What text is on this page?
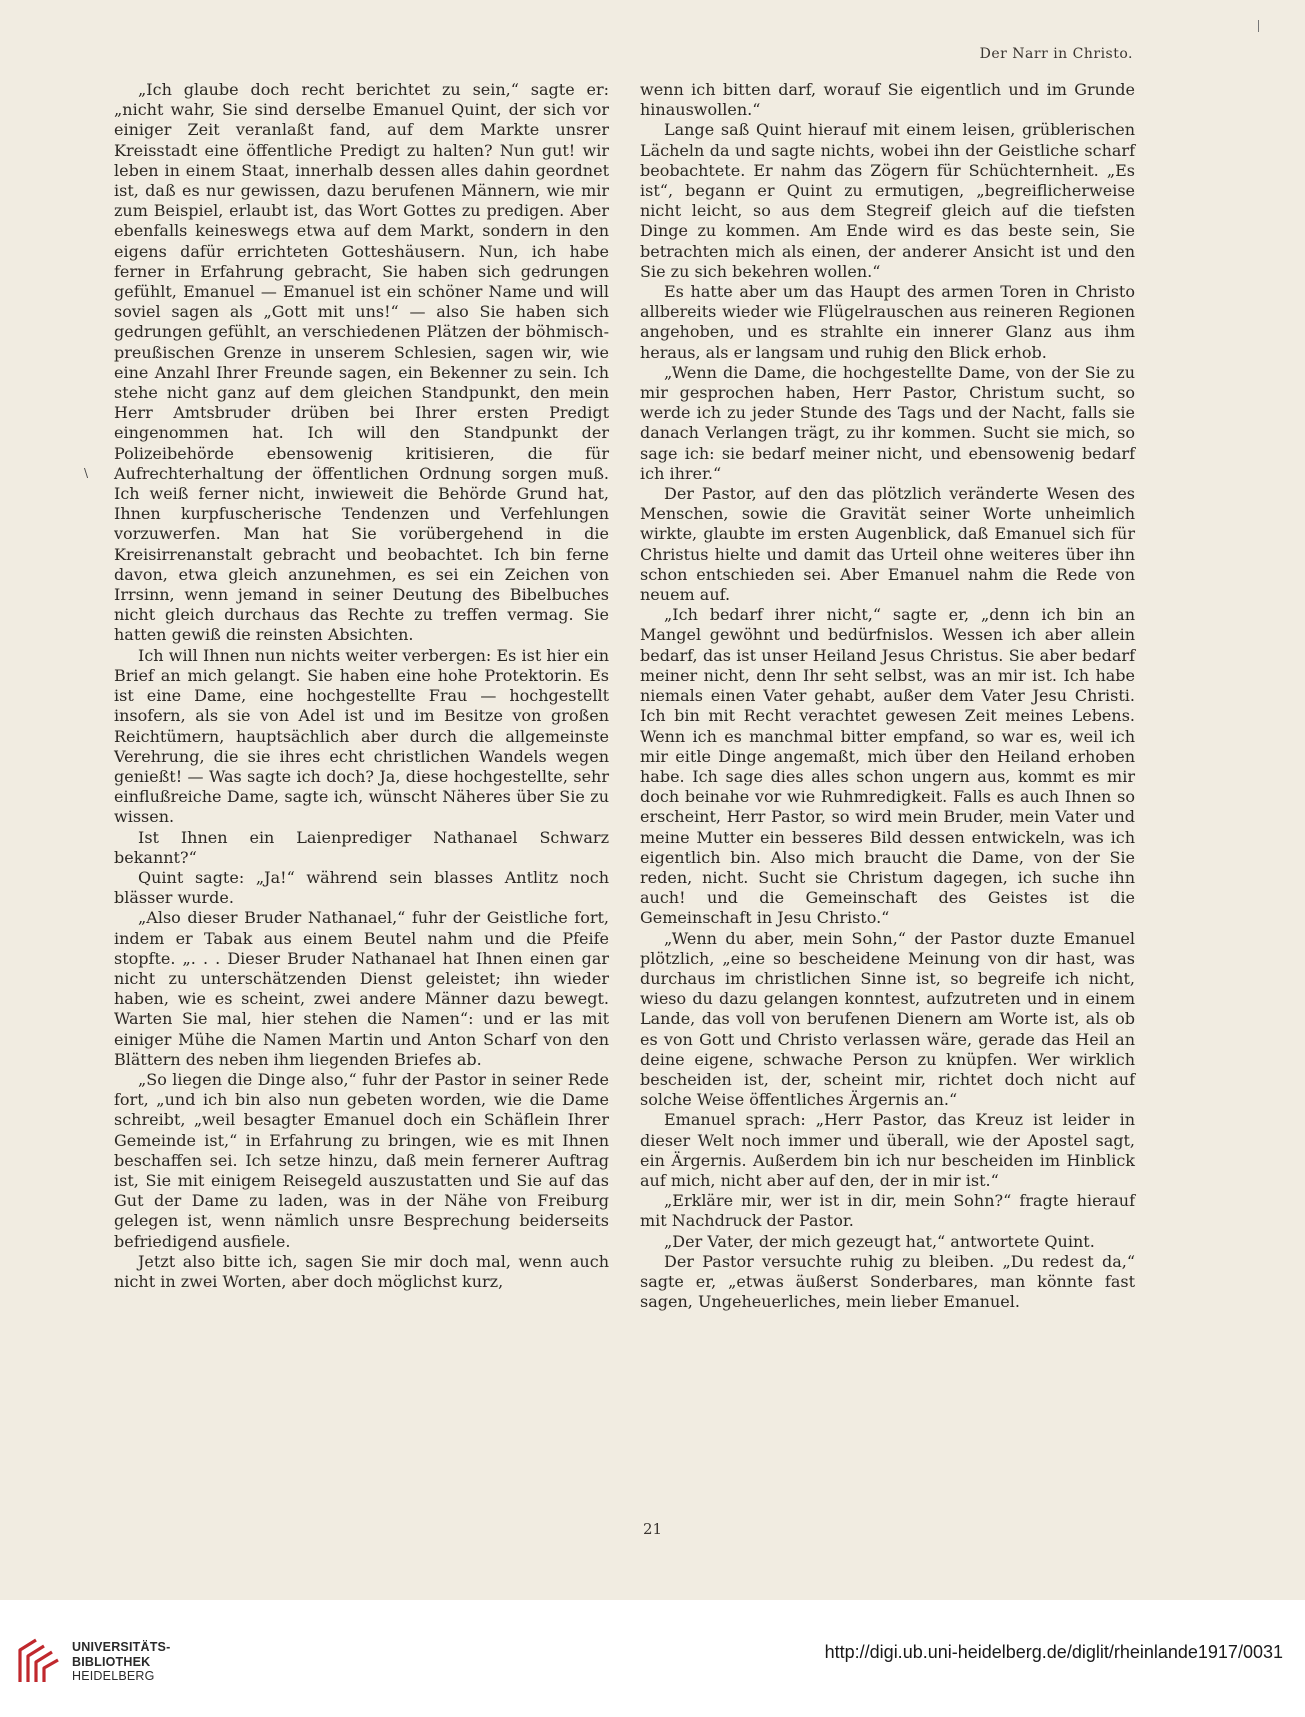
Der Narr in Christo.
\

„Ich glaube doch recht berichtet zu sein,“ sagte er: „nicht wahr, Sie sind derselbe Emanuel Quint, der sich vor einiger Zeit veranlaßt fand, auf dem Markte unsrer Kreisstadt eine öffentliche Predigt zu halten? Nun gut! wir leben in einem Staat, innerhalb dessen alles dahin geordnet ist, daß es nur gewissen, dazu berufenen Männern, wie mir zum Beispiel, erlaubt ist, das Wort Gottes zu predigen. Aber ebenfalls keineswegs etwa auf dem Markt, sondern in den eigens dafür errichteten Gotteshäusern. Nun, ich habe ferner in Erfahrung gebracht, Sie haben sich gedrungen gefühlt, Emanuel — Emanuel ist ein schöner Name und will soviel sagen als „Gott mit uns!“ — also Sie haben sich gedrungen gefühlt, an verschiedenen Plätzen der böhmisch-preußischen Grenze in unserem Schlesien, sagen wir, wie eine Anzahl Ihrer Freunde sagen, ein Bekenner zu sein. Ich stehe nicht ganz auf dem gleichen Standpunkt, den mein Herr Amtsbruder drüben bei Ihrer ersten Predigt eingenommen hat. Ich will den Standpunkt der Polizeibehörde ebensowenig kritisieren, die für Aufrechterhaltung der öffentlichen Ordnung sorgen muß. Ich weiß ferner nicht, inwieweit die Behörde Grund hat, Ihnen kurpfuscherische Tendenzen und Verfehlungen vorzuwerfen. Man hat Sie vorübergehend in die Kreisirrenanstalt gebracht und beobachtet. Ich bin ferne davon, etwa gleich anzunehmen, es sei ein Zeichen von Irrsinn, wenn jemand in seiner Deutung des Bibelbuches nicht gleich durchaus das Rechte zu treffen vermag. Sie hatten gewiß die reinsten Absichten.

Ich will Ihnen nun nichts weiter verbergen: Es ist hier ein Brief an mich gelangt. Sie haben eine hohe Protektorin. Es ist eine Dame, eine hochgestellte Frau — hochgestellt insofern, als sie von Adel ist und im Besitze von großen Reichtümern, hauptsächlich aber durch die allgemeinste Verehrung, die sie ihres echt christlichen Wandels wegen genießt! — Was sagte ich doch? Ja, diese hochgestellte, sehr einflußreiche Dame, sagte ich, wünscht Näheres über Sie zu wissen.

Ist Ihnen ein Laienprediger Nathanael Schwarz bekannt?“

Quint sagte: „Ja!“ während sein blasses Antlitz noch blässer wurde.

„Also dieser Bruder Nathanael,“ fuhr der Geistliche fort, indem er Tabak aus einem Beutel nahm und die Pfeife stopfte. „. . . Dieser Bruder Nathanael hat Ihnen einen gar nicht zu unterschätzenden Dienst geleistet; ihn wieder haben, wie es scheint, zwei andere Männer dazu bewegt. Warten Sie mal, hier stehen die Namen“: und er las mit einiger Mühe die Namen Martin und Anton Scharf von den Blättern des neben ihm liegenden Briefes ab.

„So liegen die Dinge also,“ fuhr der Pastor in seiner Rede fort, „und ich bin also nun gebeten worden, wie die Dame schreibt, „weil besagter Emanuel doch ein Schäflein Ihrer Gemeinde ist,“ in Erfahrung zu bringen, wie es mit Ihnen beschaffen sei. Ich setze hinzu, daß mein fernerer Auftrag ist, Sie mit einigem Reisegeld auszustatten und Sie auf das Gut der Dame zu laden, was in der Nähe von Freiburg gelegen ist, wenn nämlich unsre Besprechung beiderseits befriedigend ausfiele.

Jetzt also bitte ich, sagen Sie mir doch mal, wenn auch nicht in zwei Worten, aber doch möglichst kurz,

wenn ich bitten darf, worauf Sie eigentlich und im Grunde hinauswollen.“

Lange saß Quint hierauf mit einem leisen, grüblerischen Lächeln da und sagte nichts, wobei ihn der Geistliche scharf beobachtete. Er nahm das Zögern für Schüchternheit. „Es ist“, begann er Quint zu ermutigen, „begreiflicherweise nicht leicht, so aus dem Stegreif gleich auf die tiefsten Dinge zu kommen. Am Ende wird es das beste sein, Sie betrachten mich als einen, der anderer Ansicht ist und den Sie zu sich bekehren wollen.“

Es hatte aber um das Haupt des armen Toren in Christo allbereits wieder wie Flügelrauschen aus reineren Regionen angehoben, und es strahlte ein innerer Glanz aus ihm heraus, als er langsam und ruhig den Blick erhob.

„Wenn die Dame, die hochgestellte Dame, von der Sie zu mir gesprochen haben, Herr Pastor, Christum sucht, so werde ich zu jeder Stunde des Tags und der Nacht, falls sie danach Verlangen trägt, zu ihr kommen. Sucht sie mich, so sage ich: sie bedarf meiner nicht, und ebensowenig bedarf ich ihrer.“

Der Pastor, auf den das plötzlich veränderte Wesen des Menschen, sowie die Gravität seiner Worte unheimlich wirkte, glaubte im ersten Augenblick, daß Emanuel sich für Christus hielte und damit das Urteil ohne weiteres über ihn schon entschieden sei. Aber Emanuel nahm die Rede von neuem auf.

„Ich bedarf ihrer nicht,“ sagte er, „denn ich bin an Mangel gewöhnt und bedürfnislos. Wessen ich aber allein bedarf, das ist unser Heiland Jesus Christus. Sie aber bedarf meiner nicht, denn Ihr seht selbst, was an mir ist. Ich habe niemals einen Vater gehabt, außer dem Vater Jesu Christi. Ich bin mit Recht verachtet gewesen Zeit meines Lebens. Wenn ich es manchmal bitter empfand, so war es, weil ich mir eitle Dinge angemaßt, mich über den Heiland erhoben habe. Ich sage dies alles schon ungern aus, kommt es mir doch beinahe vor wie Ruhmredigkeit. Falls es auch Ihnen so erscheint, Herr Pastor, so wird mein Bruder, mein Vater und meine Mutter ein besseres Bild dessen entwickeln, was ich eigentlich bin. Also mich braucht die Dame, von der Sie reden, nicht. Sucht sie Christum dagegen, ich suche ihn auch! und die Gemeinschaft des Geistes ist die Gemeinschaft in Jesu Christo.“

„Wenn du aber, mein Sohn,“ der Pastor duzte Emanuel plötzlich, „eine so bescheidene Meinung von dir hast, was durchaus im christlichen Sinne ist, so begreife ich nicht, wieso du dazu gelangen konntest, aufzutreten und in einem Lande, das voll von berufenen Dienern am Worte ist, als ob es von Gott und Christo verlassen wäre, gerade das Heil an deine eigene, schwache Person zu knüpfen. Wer wirklich bescheiden ist, der, scheint mir, richtet doch nicht auf solche Weise öffentliches Ärgernis an.“

Emanuel sprach: „Herr Pastor, das Kreuz ist leider in dieser Welt noch immer und überall, wie der Apostel sagt, ein Ärgernis. Außerdem bin ich nur bescheiden im Hinblick auf mich, nicht aber auf den, der in mir ist.“

„Erkläre mir, wer ist in dir, mein Sohn?“ fragte hierauf mit Nachdruck der Pastor.

„Der Vater, der mich gezeugt hat,“ antwortete Quint.

Der Pastor versuchte ruhig zu bleiben. „Du redest da,“ sagte er, „etwas äußerst Sonderbares, man könnte fast sagen, Ungeheuerliches, mein lieber Emanuel.

21
UNIVERSITÄTS-
BIBLIOTHEK
HEIDELBERG
http://digi.ub.uni-heidelberg.de/diglit/rheinlande1917/0031
